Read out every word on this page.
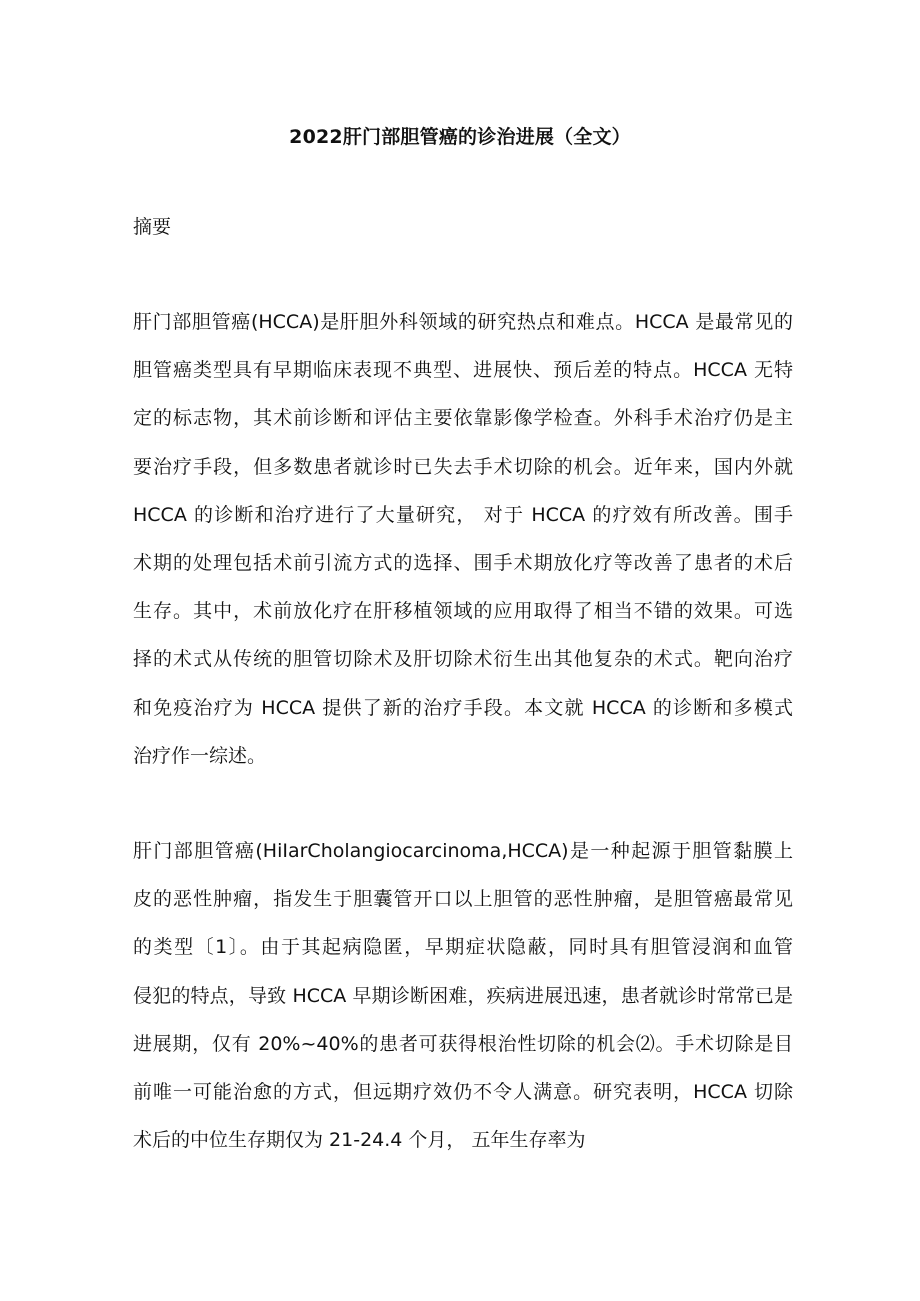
2022肝门部胆管癌的诊治进展（全文）
摘要

肝门部胆管癌(HCCA)是肝胆外科领域的研究热点和难点。HCCA 是最常见的
胆管癌类型具有早期临床表现不典型、进展快、预后差的特点。HCCA 无特
定的标志物，其术前诊断和评估主要依靠影像学检查。外科手术治疗仍是主
要治疗手段，但多数患者就诊时已失去手术切除的机会。近年来，国内外就
HCCA 的诊断和治疗进行了大量研究， 对于 HCCA 的疗效有所改善。围手
术期的处理包括术前引流方式的选择、围手术期放化疗等改善了患者的术后
生存。其中，术前放化疗在肝移植领域的应用取得了相当不错的效果。可选
择的术式从传统的胆管切除术及肝切除术衍生出其他复杂的术式。靶向治疗
和免疫治疗为 HCCA 提供了新的治疗手段。本文就 HCCA 的诊断和多模式
治疗作一综述。

肝门部胆管癌(HiIarCholangiocarcinoma,HCCA)是一种起源于胆管黏膜上
皮的恶性肿瘤，指发生于胆囊管开口以上胆管的恶性肿瘤，是胆管癌最常见
的类型〔1〕。由于其起病隐匿，早期症状隐蔽，同时具有胆管浸润和血管
侵犯的特点，导致 HCCA 早期诊断困难，疾病进展迅速，患者就诊时常常已是
进展期，仅有 20%~40%的患者可获得根治性切除的机会⑵。手术切除是目
前唯一可能治愈的方式，但远期疗效仍不令人满意。研究表明，HCCA 切除
术后的中位生存期仅为 21-24.4 个月， 五年生存率为
